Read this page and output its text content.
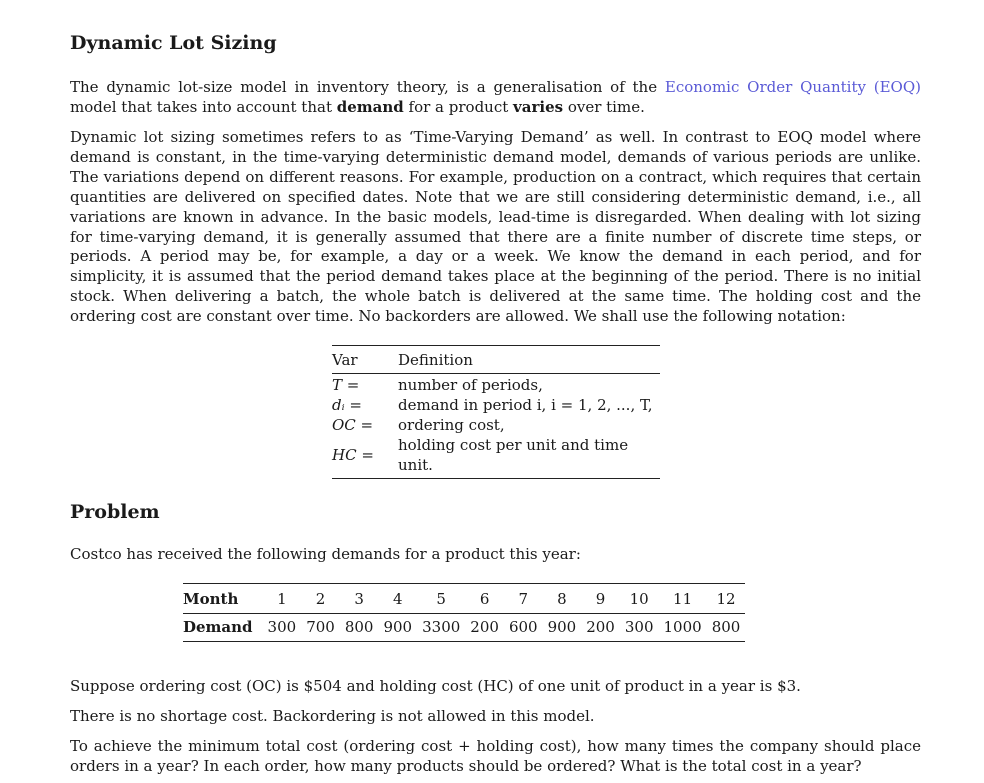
Dynamic Lot Sizing

The dynamic lot-size model in inventory theory, is a generalisation of the Economic Order Quantity (EOQ) model that takes into account that demand for a product varies over time.

Dynamic lot sizing sometimes refers to as ‘Time-Varying Demand’ as well. In contrast to EOQ model where demand is constant, in the time-varying deterministic demand model, demands of various periods are unlike. The variations depend on different reasons. For example, production on a contract, which requires that certain quantities are delivered on specified dates. Note that we are still considering deterministic demand, i.e., all variations are known in advance. In the basic models, lead-time is disregarded. When dealing with lot sizing for time-varying demand, it is generally assumed that there are a finite number of discrete time steps, or periods. A period may be, for example, a day or a week. We know the demand in each period, and for simplicity, it is assumed that the period demand takes place at the beginning of the period. There is no initial stock. When delivering a batch, the whole batch is delivered at the same time. The holding cost and the ordering cost are constant over time. No backorders are allowed. We shall use the following notation:

Var	Definition
T =	number of periods,
dᵢ =	demand in period i, i = 1, 2, ..., T,
OC =	ordering cost,
HC =	holding cost per unit and time unit.
Problem

Costco has received the following demands for a product this year:

Month	1	2	3	4	5	6	7	8	9	10	11	12
Demand	300	700	800	900	3300	200	600	900	200	300	1000	800

Suppose ordering cost (OC) is $504 and holding cost (HC) of one unit of product in a year is $3.

There is no shortage cost. Backordering is not allowed in this model.

To achieve the minimum total cost (ordering cost + holding cost), how many times the company should place orders in a year? In each order, how many products should be ordered? What is the total cost in a year?
